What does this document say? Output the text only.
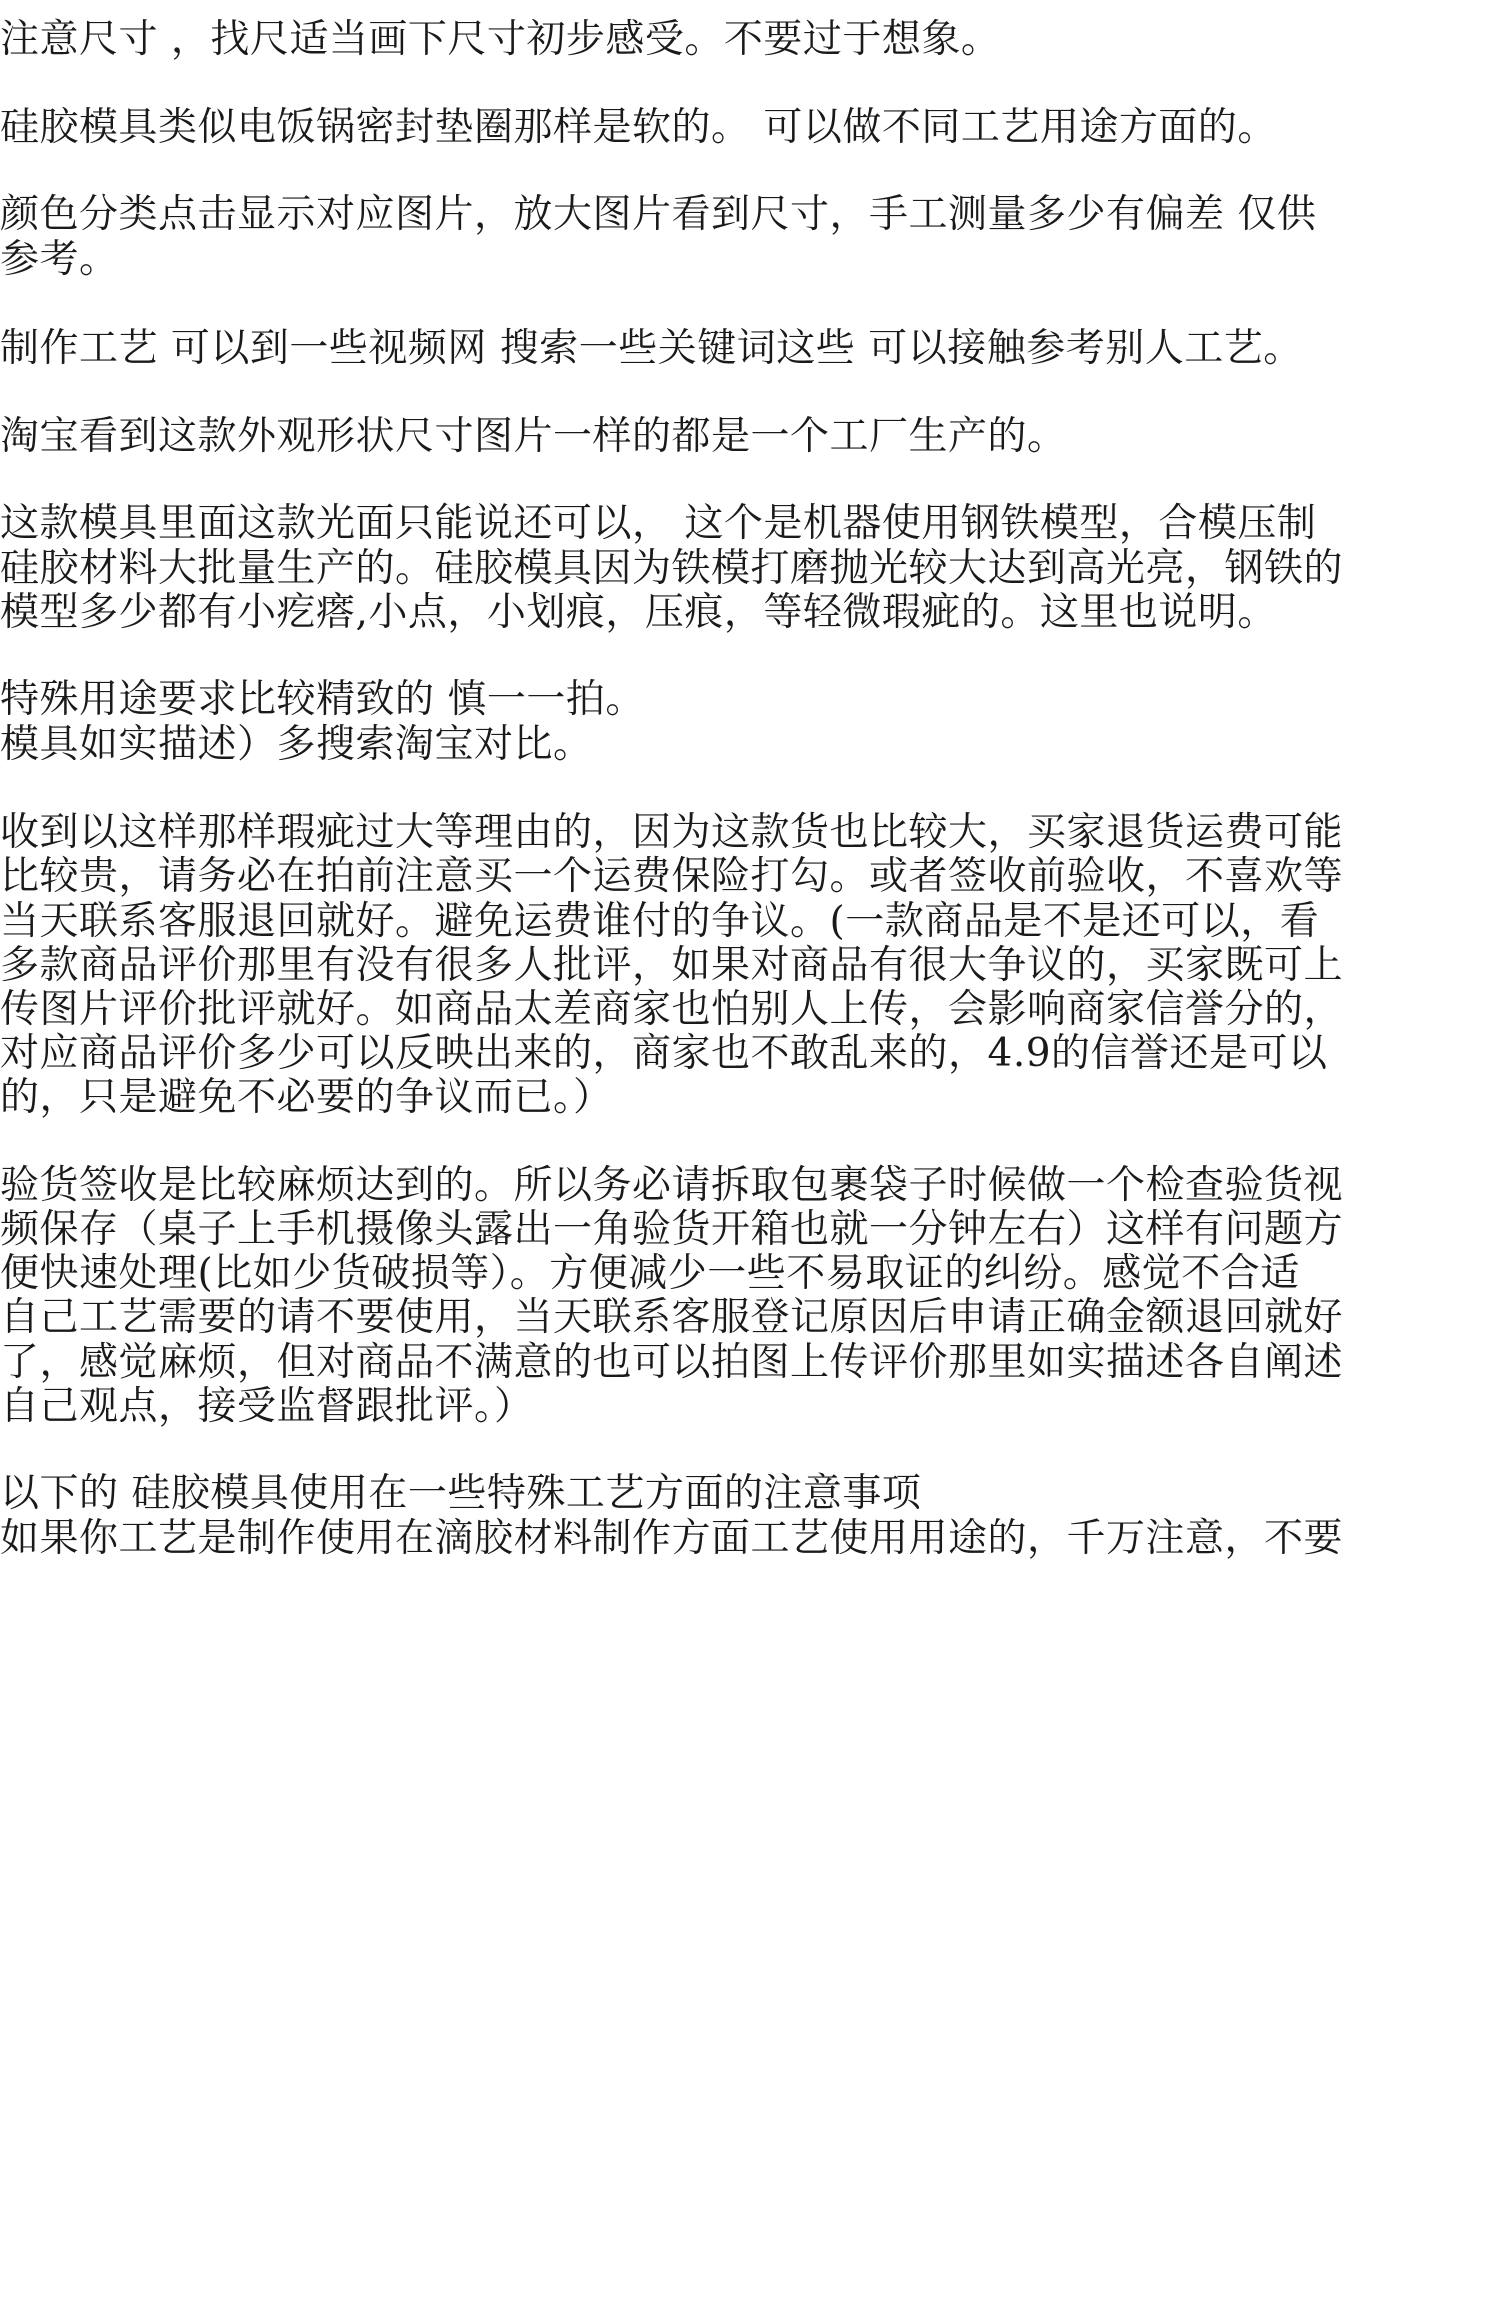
注意尺寸 ，找尺适当画下尺寸初步感受。不要过于想象。

硅胶模具类似电饭锅密封垫圈那样是软的。 可以做不同工艺用途方面的。

颜色分类点击显示对应图片，放大图片看到尺寸，手工测量多少有偏差 仅供

参考。

制作工艺 可以到一些视频网 搜索一些关键词这些 可以接触参考别人工艺。

淘宝看到这款外观形状尺寸图片一样的都是一个工厂生产的。

这款模具里面这款光面只能说还可以， 这个是机器使用钢铁模型，合模压制

硅胶材料大批量生产的。硅胶模具因为铁模打磨抛光较大达到高光亮，钢铁的

模型多少都有小疙瘩,小点，小划痕，压痕，等轻微瑕疵的。这里也说明。

特殊用途要求比较精致的 慎一一拍。

模具如实描述）多搜索淘宝对比。

收到以这样那样瑕疵过大等理由的，因为这款货也比较大，买家退货运费可能

比较贵，请务必在拍前注意买一个运费保险打勾。或者签收前验收，不喜欢等

当天联系客服退回就好。避免运费谁付的争议。(一款商品是不是还可以，看

多款商品评价那里有没有很多人批评，如果对商品有很大争议的，买家既可上

传图片评价批评就好。如商品太差商家也怕别人上传，会影响商家信誉分的，

对应商品评价多少可以反映出来的，商家也不敢乱来的，4.9的信誉还是可以

的，只是避免不必要的争议而已。）

验货签收是比较麻烦达到的。所以务必请拆取包裹袋子时候做一个检查验货视

频保存（桌子上手机摄像头露出一角验货开箱也就一分钟左右）这样有问题方

便快速处理(比如少货破损等）。方便减少一些不易取证的纠纷。感觉不合适

自己工艺需要的请不要使用，当天联系客服登记原因后申请正确金额退回就好

了，感觉麻烦，但对商品不满意的也可以拍图上传评价那里如实描述各自阐述

自己观点，接受监督跟批评。）

以下的 硅胶模具使用在一些特殊工艺方面的注意事项

如果你工艺是制作使用在滴胶材料制作方面工艺使用用途的，千万注意，不要
